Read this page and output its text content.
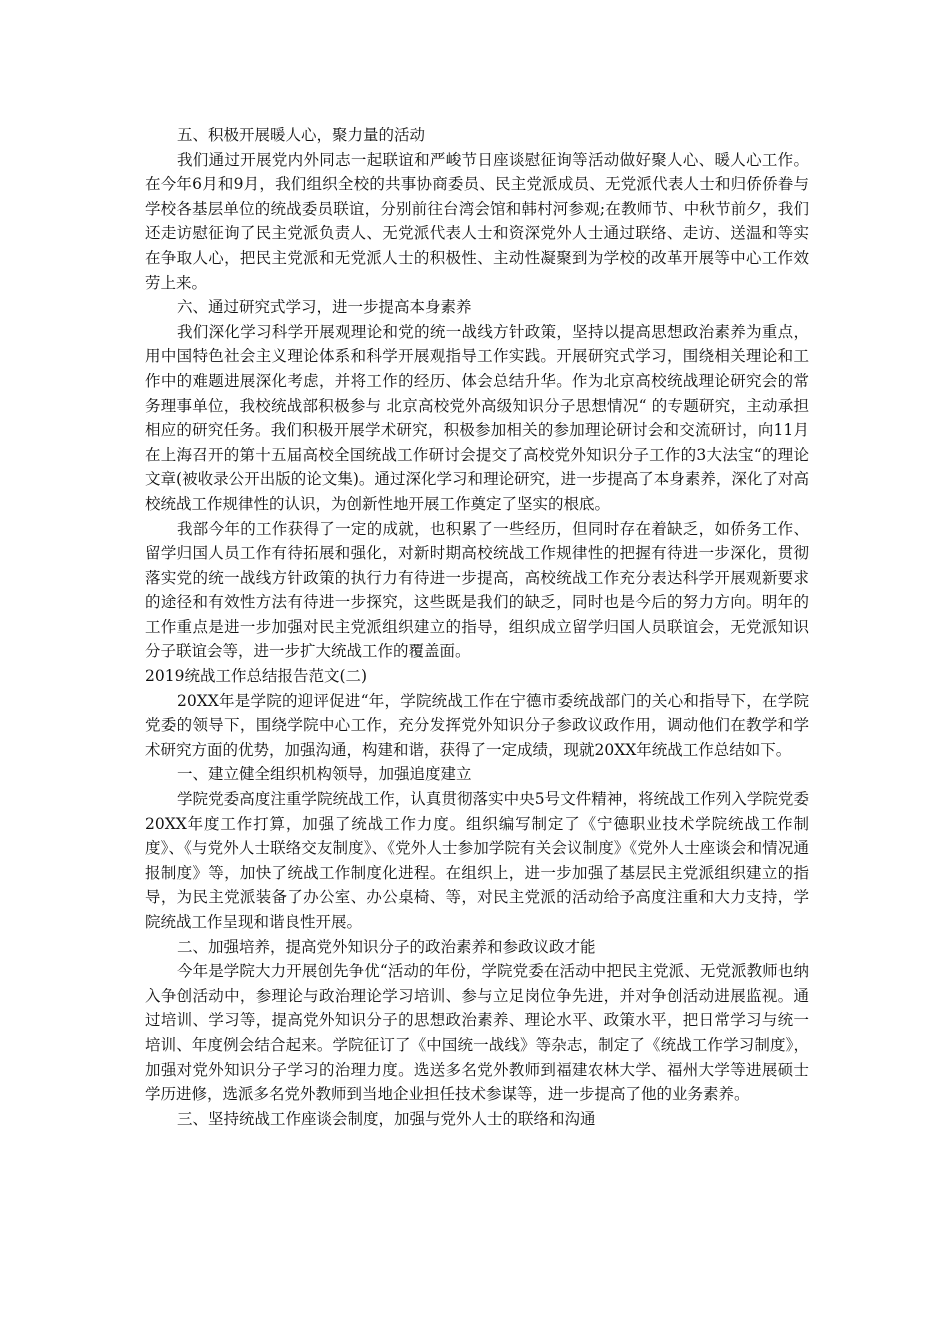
五、积极开展暖人心，聚力量的活动

我们通过开展党内外同志一起联谊和严峻节日座谈慰征询等活动做好聚人心、暖人心工作。在今年6月和9月，我们组织全校的共事协商委员、民主党派成员、无党派代表人士和归侨侨眷与学校各基层单位的统战委员联谊，分别前往台湾会馆和韩村河参观;在教师节、中秋节前夕，我们还走访慰征询了民主党派负责人、无党派代表人士和资深党外人士通过联络、走访、送温和等实在争取人心，把民主党派和无党派人士的积极性、主动性凝聚到为学校的改革开展等中心工作效劳上来。

六、通过研究式学习，进一步提高本身素养

我们深化学习科学开展观理论和党的统一战线方针政策，坚持以提高思想政治素养为重点，用中国特色社会主义理论体系和科学开展观指导工作实践。开展研究式学习，围绕相关理论和工作中的难题进展深化考虑，并将工作的经历、体会总结升华。作为北京高校统战理论研究会的常务理事单位，我校统战部积极参与 北京高校党外高级知识分子思想情况“ 的专题研究，主动承担相应的研究任务。我们积极开展学术研究，积极参加相关的参加理论研讨会和交流研讨，向11月在上海召开的第十五届高校全国统战工作研讨会提交了高校党外知识分子工作的3大法宝“的理论文章(被收录公开出版的论文集)。通过深化学习和理论研究，进一步提高了本身素养，深化了对高校统战工作规律性的认识，为创新性地开展工作奠定了坚实的根底。

我部今年的工作获得了一定的成就，也积累了一些经历，但同时存在着缺乏，如侨务工作、留学归国人员工作有待拓展和强化，对新时期高校统战工作规律性的把握有待进一步深化，贯彻落实党的统一战线方针政策的执行力有待进一步提高，高校统战工作充分表达科学开展观新要求的途径和有效性方法有待进一步探究，这些既是我们的缺乏，同时也是今后的努力方向。明年的工作重点是进一步加强对民主党派组织建立的指导，组织成立留学归国人员联谊会，无党派知识分子联谊会等，进一步扩大统战工作的覆盖面。

2019统战工作总结报告范文(二)

20XX年是学院的迎评促进“年，学院统战工作在宁德市委统战部门的关心和指导下，在学院党委的领导下，围绕学院中心工作，充分发挥党外知识分子参政议政作用，调动他们在教学和学术研究方面的优势，加强沟通，构建和谐，获得了一定成绩，现就20XX年统战工作总结如下。

一、建立健全组织机构领导，加强追度建立

学院党委高度注重学院统战工作，认真贯彻落实中央5号文件精神，将统战工作列入学院党委20XX年度工作打算，加强了统战工作力度。组织编写制定了《宁德职业技术学院统战工作制度》、《与党外人士联络交友制度》、《党外人士参加学院有关会议制度》《党外人士座谈会和情况通报制度》等，加快了统战工作制度化进程。在组织上，进一步加强了基层民主党派组织建立的指导，为民主党派装备了办公室、办公桌椅、等，对民主党派的活动给予高度注重和大力支持，学院统战工作呈现和谐良性开展。

二、加强培养，提高党外知识分子的政治素养和参政议政才能

今年是学院大力开展创先争优“活动的年份，学院党委在活动中把民主党派、无党派教师也纳入争创活动中，参理论与政治理论学习培训、参与立足岗位争先进，并对争创活动进展监视。通过培训、学习等，提高党外知识分子的思想政治素养、理论水平、政策水平，把日常学习与统一培训、年度例会结合起来。学院征订了《中国统一战线》等杂志，制定了《统战工作学习制度》，加强对党外知识分子学习的治理力度。选送多名党外教师到福建农林大学、福州大学等进展硕士学历进修，选派多名党外教师到当地企业担任技术参谋等，进一步提高了他的业务素养。

三、坚持统战工作座谈会制度，加强与党外人士的联络和沟通
